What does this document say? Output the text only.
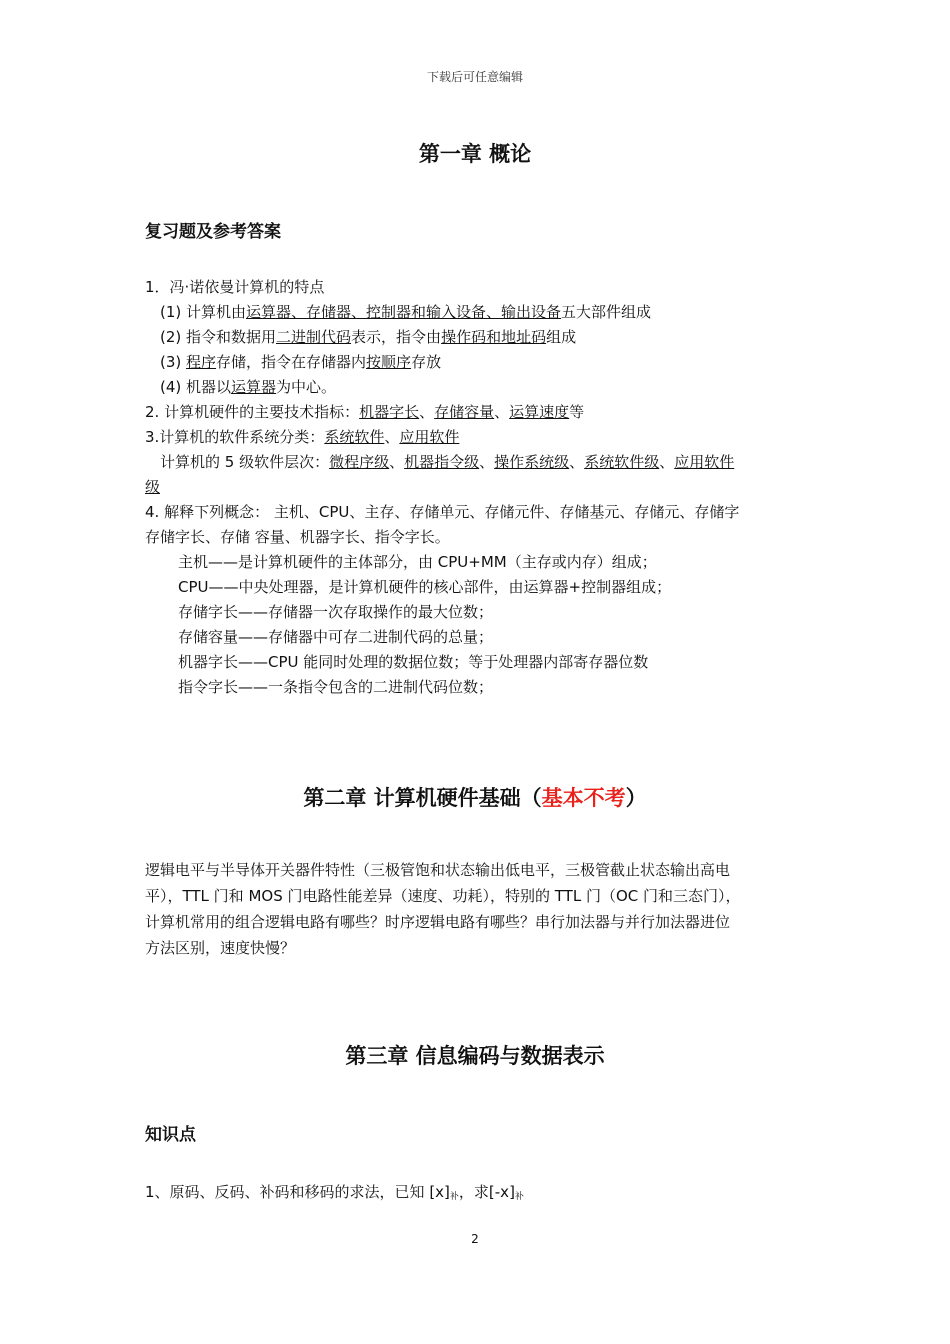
下载后可任意编辑
第一章 概论
复习题及参考答案
1．冯·诺依曼计算机的特点
(1) 计算机由运算器、存储器、控制器和输入设备、输出设备五大部件组成
(2) 指令和数据用二进制代码表示，指令由操作码和地址码组成
(3) 程序存储，指令在存储器内按顺序存放
(4) 机器以运算器为中心。
2. 计算机硬件的主要技术指标：机器字长、存储容量、运算速度等
3.计算机的软件系统分类：系统软件、应用软件
计算机的 5 级软件层次：微程序级、机器指令级、操作系统级、系统软件级、应用软件
级
4. 解释下列概念： 主机、CPU、主存、存储单元、存储元件、存储基元、存储元、存储字
存储字长、存储 容量、机器字长、指令字长。
主机——是计算机硬件的主体部分，由 CPU+MM（主存或内存）组成；
CPU——中央处理器，是计算机硬件的核心部件，由运算器+控制器组成；
存储字长——存储器一次存取操作的最大位数；
存储容量——存储器中可存二进制代码的总量；
机器字长——CPU 能同时处理的数据位数；等于处理器内部寄存器位数
指令字长——一条指令包含的二进制代码位数；
第二章 计算机硬件基础（基本不考）
逻辑电平与半导体开关器件特性（三极管饱和状态输出低电平，三极管截止状态输出高电
平），TTL 门和 MOS 门电路性能差异（速度、功耗），特别的 TTL 门（OC 门和三态门），
计算机常用的组合逻辑电路有哪些？时序逻辑电路有哪些？串行加法器与并行加法器进位
方法区别，速度快慢？
第三章 信息编码与数据表示
知识点
1、原码、反码、补码和移码的求法，已知 $[x]_补$，求$[-x]_补$
2
